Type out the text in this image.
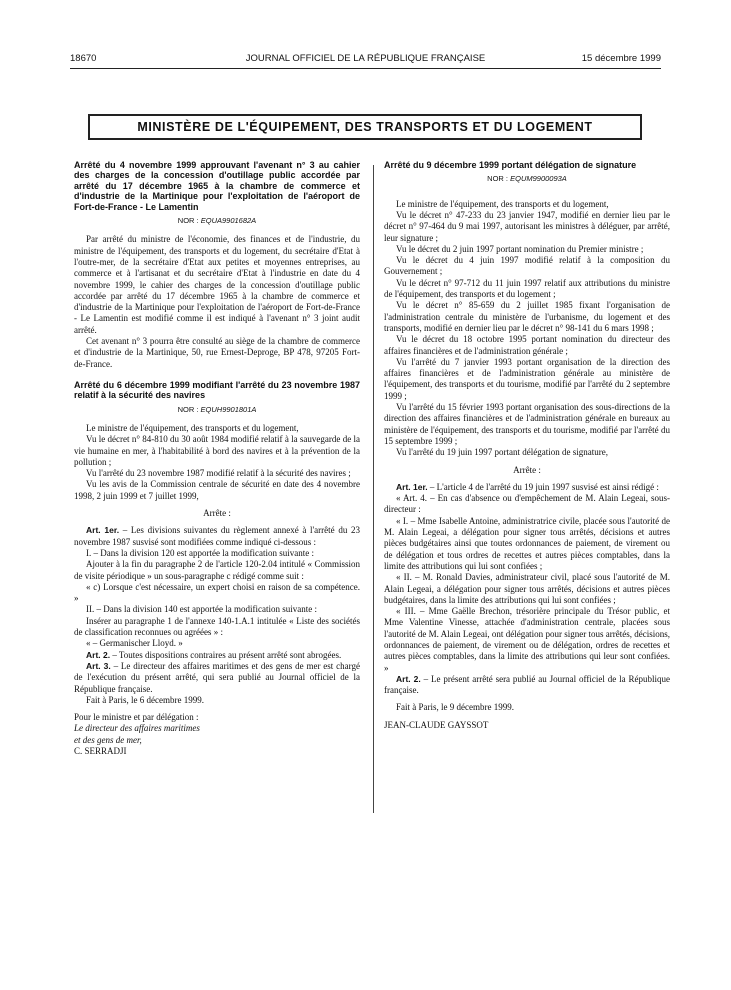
18670	JOURNAL OFFICIEL DE LA RÉPUBLIQUE FRANÇAISE	15 décembre 1999
MINISTÈRE DE L'ÉQUIPEMENT, DES TRANSPORTS ET DU LOGEMENT

Arrêté du 4 novembre 1999 approuvant l'avenant n° 3 au cahier des charges de la concession d'outillage public accordée par arrêté du 17 décembre 1965 à la chambre de commerce et d'industrie de la Martinique pour l'exploitation de l'aéroport de Fort-de-France - Le Lamentin

NOR : EQUA9901682A

Par arrêté du ministre de l'économie, des finances et de l'industrie, du ministre de l'équipement, des transports et du logement, du secrétaire d'Etat à l'outre-mer, de la secrétaire d'Etat aux petites et moyennes entreprises, au commerce et à l'artisanat et du secrétaire d'Etat à l'industrie en date du 4 novembre 1999, le cahier des charges de la concession d'outillage public accordée par arrêté du 17 décembre 1965 à la chambre de commerce et d'industrie de la Martinique pour l'exploitation de l'aéroport de Fort-de-France - Le Lamentin est modifié comme il est indiqué à l'avenant n° 3 joint audit arrêté.

Cet avenant n° 3 pourra être consulté au siège de la chambre de commerce et d'industrie de la Martinique, 50, rue Ernest-Deproge, BP 478, 97205 Fort-de-France.

Arrêté du 6 décembre 1999 modifiant l'arrêté du 23 novembre 1987 relatif à la sécurité des navires

NOR : EQUH9901801A

Le ministre de l'équipement, des transports et du logement,

Vu le décret n° 84-810 du 30 août 1984 modifié relatif à la sauvegarde de la vie humaine en mer, à l'habitabilité à bord des navires et à la prévention de la pollution ;

Vu l'arrêté du 23 novembre 1987 modifié relatif à la sécurité des navires ;

Vu les avis de la Commission centrale de sécurité en date des 4 novembre 1998, 2 juin 1999 et 7 juillet 1999,

Arrête :

Art. 1er. – Les divisions suivantes du règlement annexé à l'arrêté du 23 novembre 1987 susvisé sont modifiées comme indiqué ci-dessous :

I. – Dans la division 120 est apportée la modification suivante :

Ajouter à la fin du paragraphe 2 de l'article 120-2.04 intitulé « Commission de visite périodique » un sous-paragraphe c rédigé comme suit :

« c) Lorsque c'est nécessaire, un expert choisi en raison de sa compétence. »

II. – Dans la division 140 est apportée la modification suivante :

Insérer au paragraphe 1 de l'annexe 140-1.A.1 intitulée « Liste des sociétés de classification reconnues ou agréées » :

« – Germanischer Lloyd. »

Art. 2. – Toutes dispositions contraires au présent arrêté sont abrogées.

Art. 3. – Le directeur des affaires maritimes et des gens de mer est chargé de l'exécution du présent arrêté, qui sera publié au Journal officiel de la République française.

Fait à Paris, le 6 décembre 1999.

Pour le ministre et par délégation :

Le directeur des affaires maritimes

et des gens de mer,

C. SERRADJI

Arrêté du 9 décembre 1999 portant délégation de signature

NOR : EQUM9900093A

Le ministre de l'équipement, des transports et du logement,

Vu le décret n° 47-233 du 23 janvier 1947, modifié en dernier lieu par le décret n° 97-464 du 9 mai 1997, autorisant les ministres à déléguer, par arrêté, leur signature ;

Vu le décret du 2 juin 1997 portant nomination du Premier ministre ;

Vu le décret du 4 juin 1997 modifié relatif à la composition du Gouvernement ;

Vu le décret n° 97-712 du 11 juin 1997 relatif aux attributions du ministre de l'équipement, des transports et du logement ;

Vu le décret n° 85-659 du 2 juillet 1985 fixant l'organisation de l'administration centrale du ministère de l'urbanisme, du logement et des transports, modifié en dernier lieu par le décret n° 98-141 du 6 mars 1998 ;

Vu le décret du 18 octobre 1995 portant nomination du directeur des affaires financières et de l'administration générale ;

Vu l'arrêté du 7 janvier 1993 portant organisation de la direction des affaires financières et de l'administration générale au ministère de l'équipement, des transports et du tourisme, modifié par l'arrêté du 2 septembre 1999 ;

Vu l'arrêté du 15 février 1993 portant organisation des sous-directions de la direction des affaires financières et de l'administration générale en bureaux au ministère de l'équipement, des transports et du tourisme, modifié par l'arrêté du 15 septembre 1999 ;

Vu l'arrêté du 19 juin 1997 portant délégation de signature,

Arrête :

Art. 1er. – L'article 4 de l'arrêté du 19 juin 1997 susvisé est ainsi rédigé :

« Art. 4. – En cas d'absence ou d'empêchement de M. Alain Legeai, sous-directeur :

« I. – Mme Isabelle Antoine, administratrice civile, placée sous l'autorité de M. Alain Legeai, a délégation pour signer tous arrêtés, décisions et autres pièces budgétaires ainsi que toutes ordonnances de paiement, de virement ou de délégation et tous ordres de recettes et autres pièces comptables, dans la limite des attributions qui lui sont confiées ;

« II. – M. Ronald Davies, administrateur civil, placé sous l'autorité de M. Alain Legeai, a délégation pour signer tous arrêtés, décisions et autres pièces budgétaires, dans la limite des attributions qui lui sont confiées ;

« III. – Mme Gaëlle Brechon, trésorière principale du Trésor public, et Mme Valentine Vinesse, attachée d'administration centrale, placées sous l'autorité de M. Alain Legeai, ont délégation pour signer tous arrêtés, décisions, ordonnances de paiement, de virement ou de délégation, ordres de recettes et autres pièces comptables, dans la limite des attributions qui leur sont confiées. »

Art. 2. – Le présent arrêté sera publié au Journal officiel de la République française.

Fait à Paris, le 9 décembre 1999.

JEAN-CLAUDE GAYSSOT
